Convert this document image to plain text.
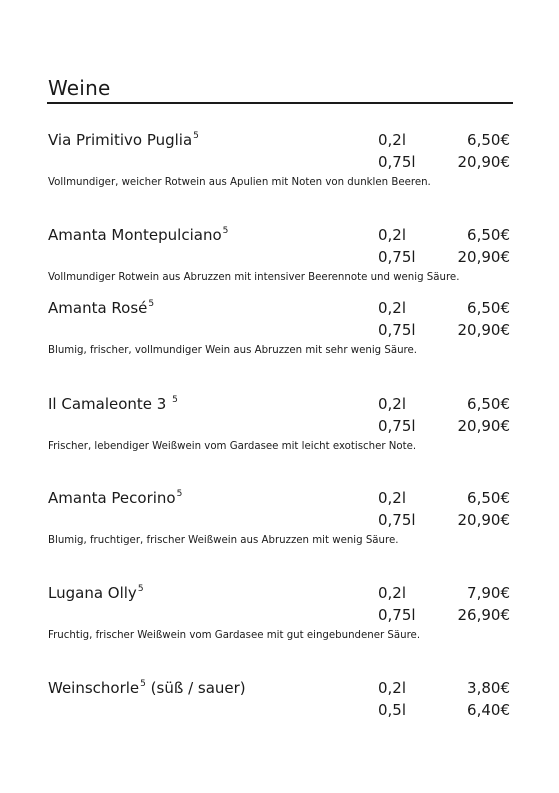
Weine
Via Primitivo Puglia$^5$	0,2l	6,50€
0,75l	20,90€
Vollmundiger, weicher Rotwein aus Apulien mit Noten von dunklen Beeren.
Amanta Montepulciano$^5$	0,2l	6,50€
0,75l	20,90€
Vollmundiger Rotwein aus Abruzzen mit intensiver Beerennote und wenig Säure.
Amanta Rosé$^5$	0,2l	6,50€
0,75l	20,90€
Blumig, frischer, vollmundiger Wein aus Abruzzen mit sehr wenig Säure.
Il Camaleonte 3 $^5$	0,2l	6,50€
0,75l	20,90€
Frischer, lebendiger Weißwein vom Gardasee mit leicht exotischer Note.
Amanta Pecorino$^5$	0,2l	6,50€
0,75l	20,90€
Blumig, fruchtiger, frischer Weißwein aus Abruzzen mit wenig Säure.
Lugana Olly$^5$	0,2l	7,90€
0,75l	26,90€
Fruchtig, frischer Weißwein vom Gardasee mit gut eingebundener Säure.
Weinschorle$^5$ (süß / sauer)	0,2l	3,80€
0,5l	6,40€
